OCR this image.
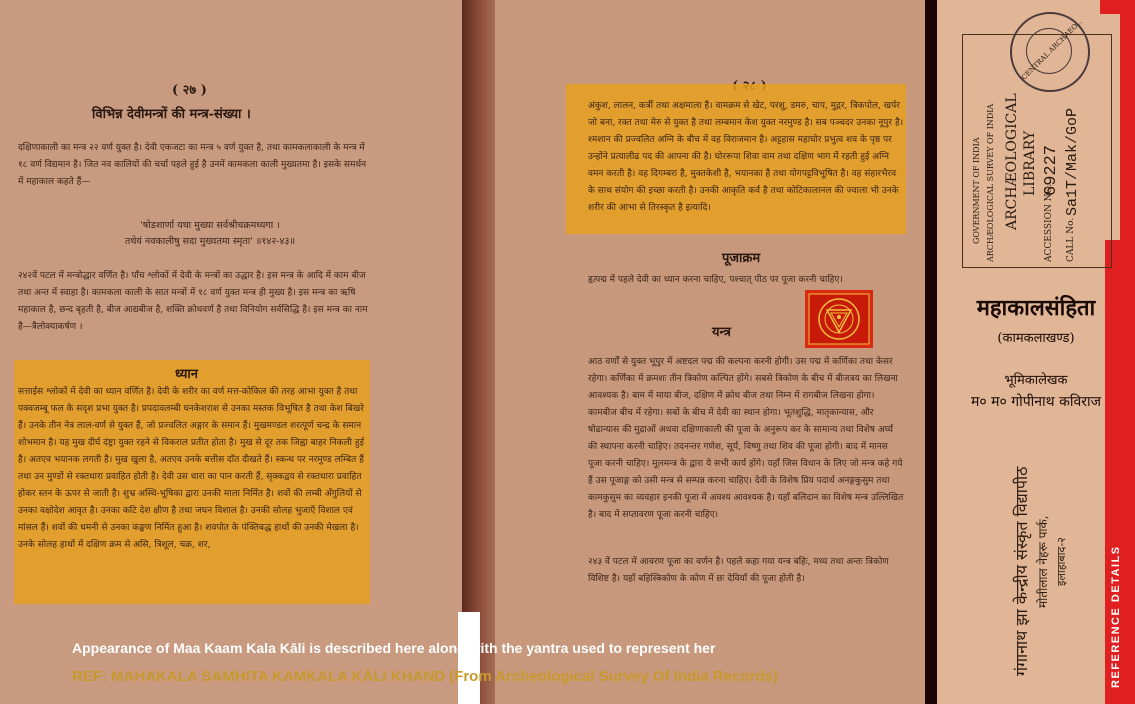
( २७ )
विभिन्न देवीमन्त्रों की मन्त्र-संख्या ।

दक्षिणाकाली का मन्त्र २२ वर्ण युक्त है। देवी एकजटा का मन्त्र ५ वर्ण युक्त है, तथा कामकलाकाली के मन्त्र में १८ वर्ण विद्यमान है। जित नव कालियों की चर्चा पहले हुई है उनमें कामकला काली मुख्यतमा है। इसके समर्थन में महाकाल कहते हैं—

'षोडशार्णा यथा मुख्या सर्वश्रीचक्रमध्यगा ।
तथेयं नवकालीषु सदा मुख्यतमा स्मृता' ॥१४२-४३॥

२४२वें पटल में मन्त्रोद्धार वर्णित है। पाँच श्लोकों में देवी के मन्त्रों का उद्धार है। इस मन्त्र के आदि में काम बीज तथा अन्त में स्वाहा है। कामकला काली के सात मन्त्रों में १८ वर्ण युक्त मन्त्र ही मुख्य है। इस मन्त्र का ऋषि महाकाल है, छन्द बृहती है, बीज आद्यबीज है, शक्ति क्रोधवर्ण है तथा विनियोग सर्वसिद्धि है। इस मन्त्र का नाम है—त्रैलोक्याकर्षण ।

ध्यान

सत्ताईस श्लोकों में देवी का ध्यान वर्णित है। देवी के शरीर का वर्ण मत्त-कोकिल की तरह आभा युक्त है तथा पक्वजम्बू फल के सदृश प्रभा युक्त है। प्रपदावलम्बी घनकेशराश से उनका मस्तक विभूषित है तथा केश बिखरे हैं। उनके तीन नेत्र लाल-वर्ण से युक्त हैं, जो प्रज्वलित अङ्गार के समान हैं। मुखमण्डल शरत्पूर्ण चन्द्र के समान शोभमान है। यह मुख दीर्घ दंष्ट्रा युक्त रहने से विकराल प्रतीत होता है। मुख से दूर तक जिह्वा बाहर निकली हुई है। अतएव भयानक लगती है। मुख खुला है, अतएव उनके बत्तीस दाँत दीखते हैं। स्कन्ध पर नरमुण्ड लम्बित हैं तथा उन मुण्डों से रक्तधारा प्रवाहित होती है। देवी उस धारा का पान करती हैं, सृक्कद्वय से रक्तधारा प्रवाहित होकर स्तन के ऊपर से जाती है। शुभ्र अस्थि-भूषिका द्वारा उनकी माला निर्मित है। शवों की लम्बी अँगुलियों से उनका वक्षोदेश आवृत है। उनका कटि देश क्षीण है तथा जघन विशाल है। उनकी सोलह भुजाएँ विशाल एवं मांसल हैं। शवों की धमनी से उनका कङ्कण निर्मित हुआ है। शवपोत के पंक्तिबद्ध हाथों की उनकी मेखला है। उनके सोलह हाथों में दक्षिण क्रम से असि, त्रिशूल, चक्र, शर,

अंकुश, लालन, कर्त्री तथा अक्षमाला है। वामक्रम से खेट, परशु, डमरु, चाप, मुद्गर, त्रिकपोल, खर्पर जो बना, रक्त तथा मेरु से युक्त है तथा लम्बमान केश युक्त नरमुण्ड है। सब पञ्चदर उनका नूपुर है। श्मशान की प्रज्वलित अग्नि के बीच में वह विराजमान है। अट्टहास महाघोर प्रभुत्व शव के पृष्ठ पर उन्होंने प्रत्यालीढ पद की आपना की है। घोररूपा शिवा वाम तथा दक्षिण भाग में रहती हुई अग्नि वमन करती है। वह दिगम्बरा है, मुक्तकेशी है, भयानका है तथा योगपट्टविभूषित है। वह संहारभैरव के साथ संयोग की इच्छा करती है। उनकी आकृति कर्व है तथा कोटिकालानल की ज्वाला भी उनके शरीर की आभा से तिरस्कृत है इत्यादि।

पूजाक्रम

हृत्पद्म में पहले देवी का ध्यान करना चाहिए, पश्चात् पीठ पर पूजा करनी चाहिए।

यन्त्र

आठ वर्णों से युक्त भूपुर में अष्टदल पद्म की कल्पना करनी होगी। उस पद्म में कर्णिका तथा केसर रहेगा। कर्णिका में क्रमशः तीन त्रिकोण कल्पित होंगे। सबसे त्रिकोण के बीच में बीजत्रय का लिखना आवश्यक है। बाम में माया बीज, दक्षिण में क्रोध बीज तथा निम्न में रागबीज लिखना होगा। कामबीज बीच में रहेगा। सबों के बीच में देवी का स्थान होगा। भूतशुद्धि, मातृकान्यास, और षोढान्यास की मुद्राओं अथवा दक्षिणाकाली की पूजा के अनुरूप कर के सामान्य तथा विशेष अर्घ्य की स्थापना करनी चाहिए। तदनन्तर गणेश, सूर्य, विष्णु तथा शिव की पूजा होगी। बाद में मानस पूजा करनी चाहिए। मूलमन्त्र के द्वारा ये सभी कार्य होंगे। यहाँ जिस विधान के लिए जो मन्त्र कहे गये हैं उस पूजाङ्ग को उसी मन्त्र से सम्पन्न करना चाहिए। देवी के विशेष प्रिय पदार्थ अनङ्गकुसुम तथा कामकुसुम का व्यवहार इनकी पूजा में अवश्य आवश्यक है। यहाँ बलिदान का विशेष मन्त्र उल्लिखित है। बाद में सप्तावरण पूजा करनी चाहिए।

२४३ वें पटल में आवरण पूजा का वर्णन है। पहले कहा गया यन्त्र बहिः, मध्य तथा अन्तः त्रिकोण विशिष्ट है। यहाँ बहिस्त्रिकोण के कोण में छः देवियाँ की पूजा होती है।

Appearance of Maa Kaam Kala Kāli is described here along with the yantra used to represent her
REF: MAHAKALA SAMHITA KAMKALA KĀLI KHAND (From Archeological Survey Of India Records)	REFERENCE DETAILS
CENTRAL ARCHAEO...
GOVERNMENT OF INDIA ARCHÆOLOGICAL SURVEY OF INDIA ARCHÆOLOGICAL LIBRARY
ACCESSION NO.
69227
CALL No.
Sa1T/Mak/GoP
महाकालसंहिता
(कामकलाखण्ड)
भूमिकालेखक
म० म० गोपीनाथ कविराज
गंगानाथ झा केन्द्रीय संस्कृत विद्यापीठ मोतीलाल नेहरू पार्क, इलाहाबाद-२
